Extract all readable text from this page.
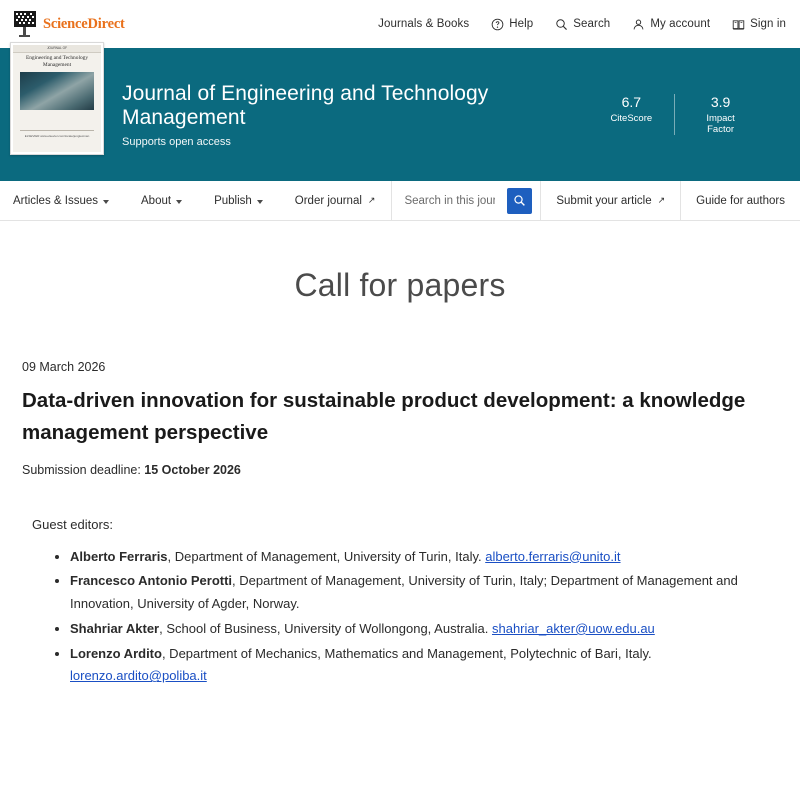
ScienceDirect	Journals & Books	Help	Search	My account	Sign in
JOURNAL OF
Engineering and Technology Management
ELSEVIER www.elsevier.com/locate/jengtecman
Journal of Engineering and Technology Management
Supports open access
6.7
CiteScore
3.9
Impact Factor
Articles & Issues	About	Publish	Order journal ↗
Search in this journal	Submit your article ↗	Guide for authors
Call for papers
09 March 2026
Data-driven innovation for sustainable product development: a knowledge management perspective
Submission deadline: 15 October 2026
Guest editors:
• Alberto Ferraris, Department of Management, University of Turin, Italy. alberto.ferraris@unito.it
• Francesco Antonio Perotti, Department of Management, University of Turin, Italy; Department of Management and Innovation, University of Agder, Norway.
• Shahriar Akter, School of Business, University of Wollongong, Australia. shahriar_akter@uow.edu.au
• Lorenzo Ardito, Department of Mechanics, Mathematics and Management, Polytechnic of Bari, Italy. lorenzo.ardito@poliba.it
